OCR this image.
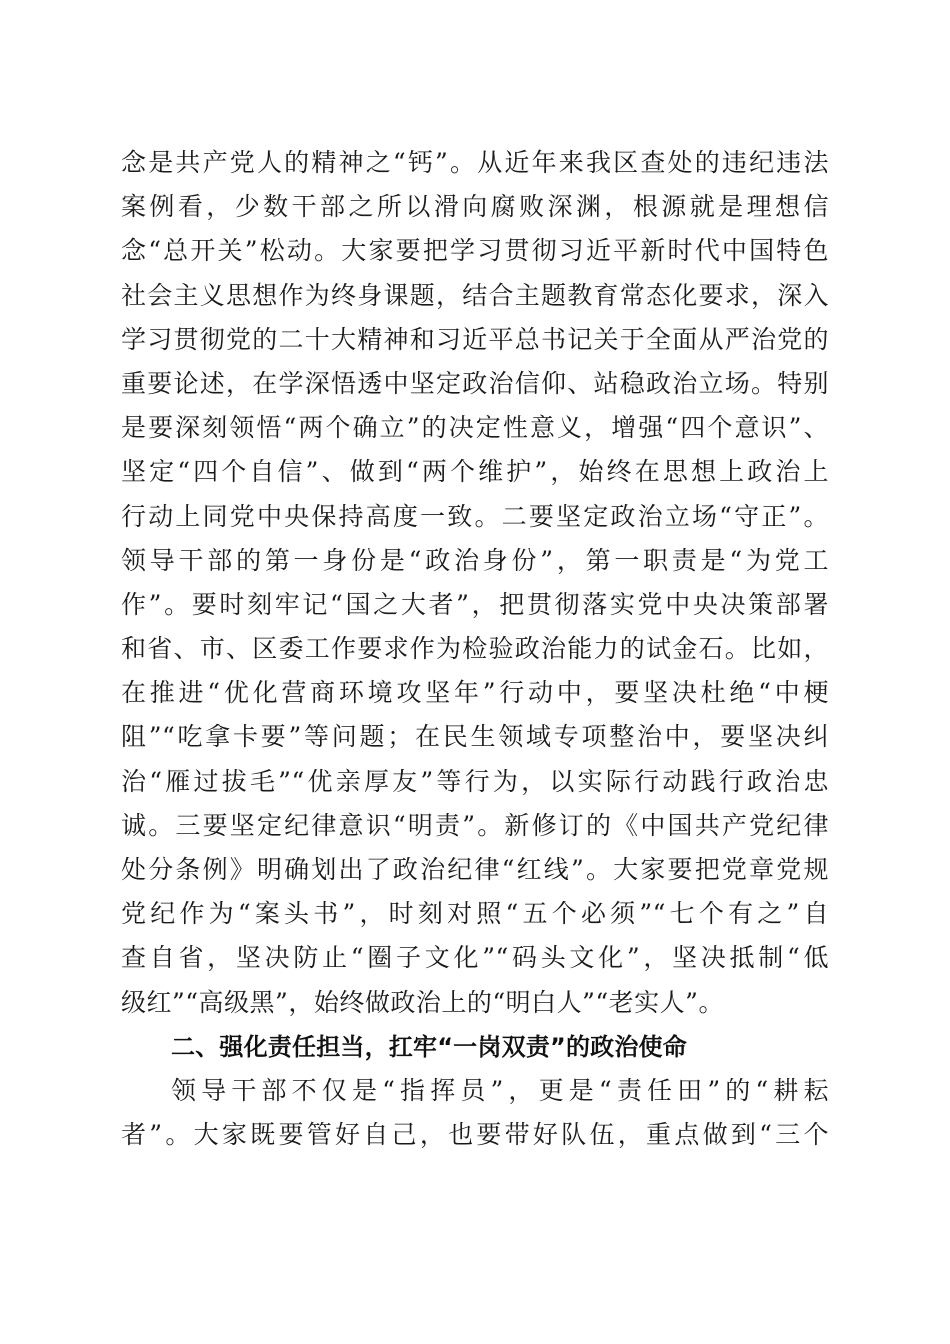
念是共产党人的精神之“钙”。从近年来我区查处的违纪违法
案例看，少数干部之所以滑向腐败深渊，根源就是理想信
念“总开关”松动。大家要把学习贯彻习近平新时代中国特色
社会主义思想作为终身课题，结合主题教育常态化要求，深入
学习贯彻党的二十大精神和习近平总书记关于全面从严治党的
重要论述，在学深悟透中坚定政治信仰、站稳政治立场。特别
是要深刻领悟“两个确立”的决定性意义，增强“四个意识”、
坚定“四个自信”、做到“两个维护”，始终在思想上政治上
行动上同党中央保持高度一致。二要坚定政治立场“守正”。
领导干部的第一身份是“政治身份”，第一职责是“为党工
作”。要时刻牢记“国之大者”，把贯彻落实党中央决策部署
和省、市、区委工作要求作为检验政治能力的试金石。比如，
在推进“优化营商环境攻坚年”行动中，要坚决杜绝“中梗
阻”“吃拿卡要”等问题；在民生领域专项整治中，要坚决纠
治“雁过拔毛”“优亲厚友”等行为，以实际行动践行政治忠
诚。三要坚定纪律意识“明责”。新修订的《中国共产党纪律
处分条例》明确划出了政治纪律“红线”。大家要把党章党规
党纪作为“案头书”，时刻对照“五个必须”“七个有之”自
查自省，坚决防止“圈子文化”“码头文化”，坚决抵制“低
级红”“高级黑”，始终做政治上的“明白人”“老实人”。
二、强化责任担当，扛牢“一岗双责”的政治使命
领导干部不仅是“指挥员”，更是“责任田”的“耕耘
者”。大家既要管好自己，也要带好队伍，重点做到“三个
